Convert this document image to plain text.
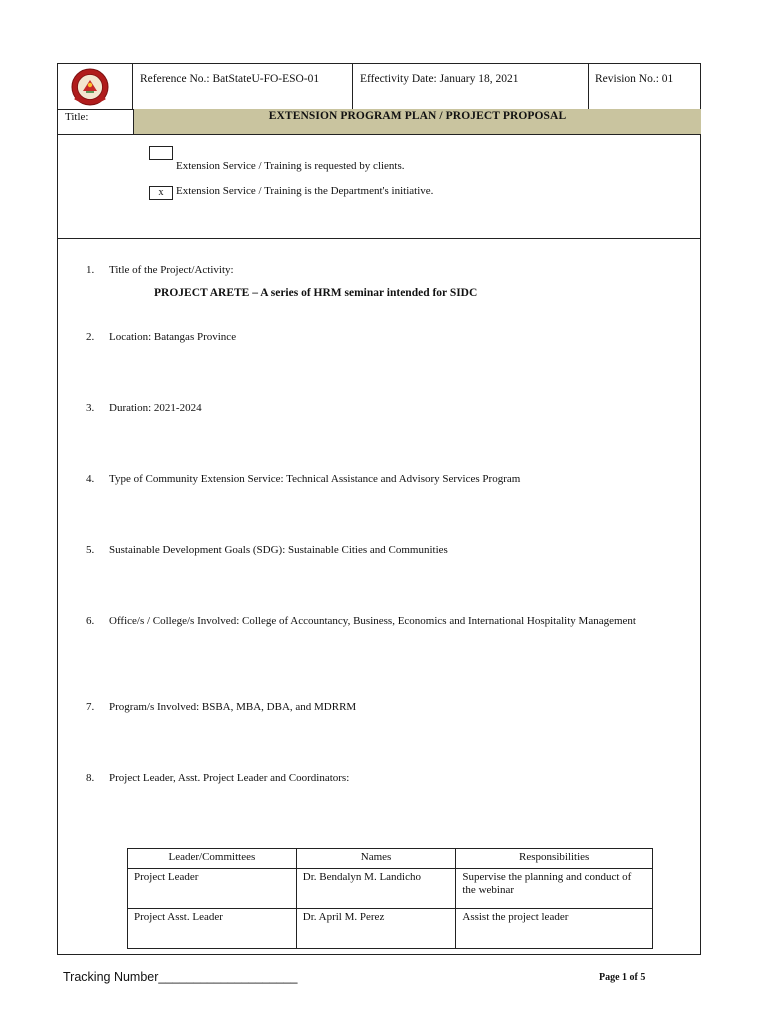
Reference No.: BatStateU-FO-ESO-01	Effectivity Date: January 18, 2021	Revision No.: 01
Title:	EXTENSION PROGRAM PLAN / PROJECT PROPOSAL
Extension Service / Training is requested by clients.
x	Extension Service / Training is the Department's initiative.
1. Title of the Project/Activity:
PROJECT ARETE – A series of HRM seminar intended for SIDC
2. Location: Batangas Province
3. Duration: 2021-2024
4. Type of Community Extension Service: Technical Assistance and Advisory Services Program
5. Sustainable Development Goals (SDG): Sustainable Cities and Communities
6. Office/s / College/s Involved: College of Accountancy, Business, Economics and International Hospitality Management
7. Program/s Involved: BSBA, MBA, DBA, and MDRRM
8. Project Leader, Asst. Project Leader and Coordinators:
Leader/Committees	Names	Responsibilities
Project Leader	Dr. Bendalyn M. Landicho	Supervise the planning and conduct of the webinar
Project Asst. Leader	Dr. April M. Perez	Assist the project leader
Tracking Number____________________	Page 1 of 5
